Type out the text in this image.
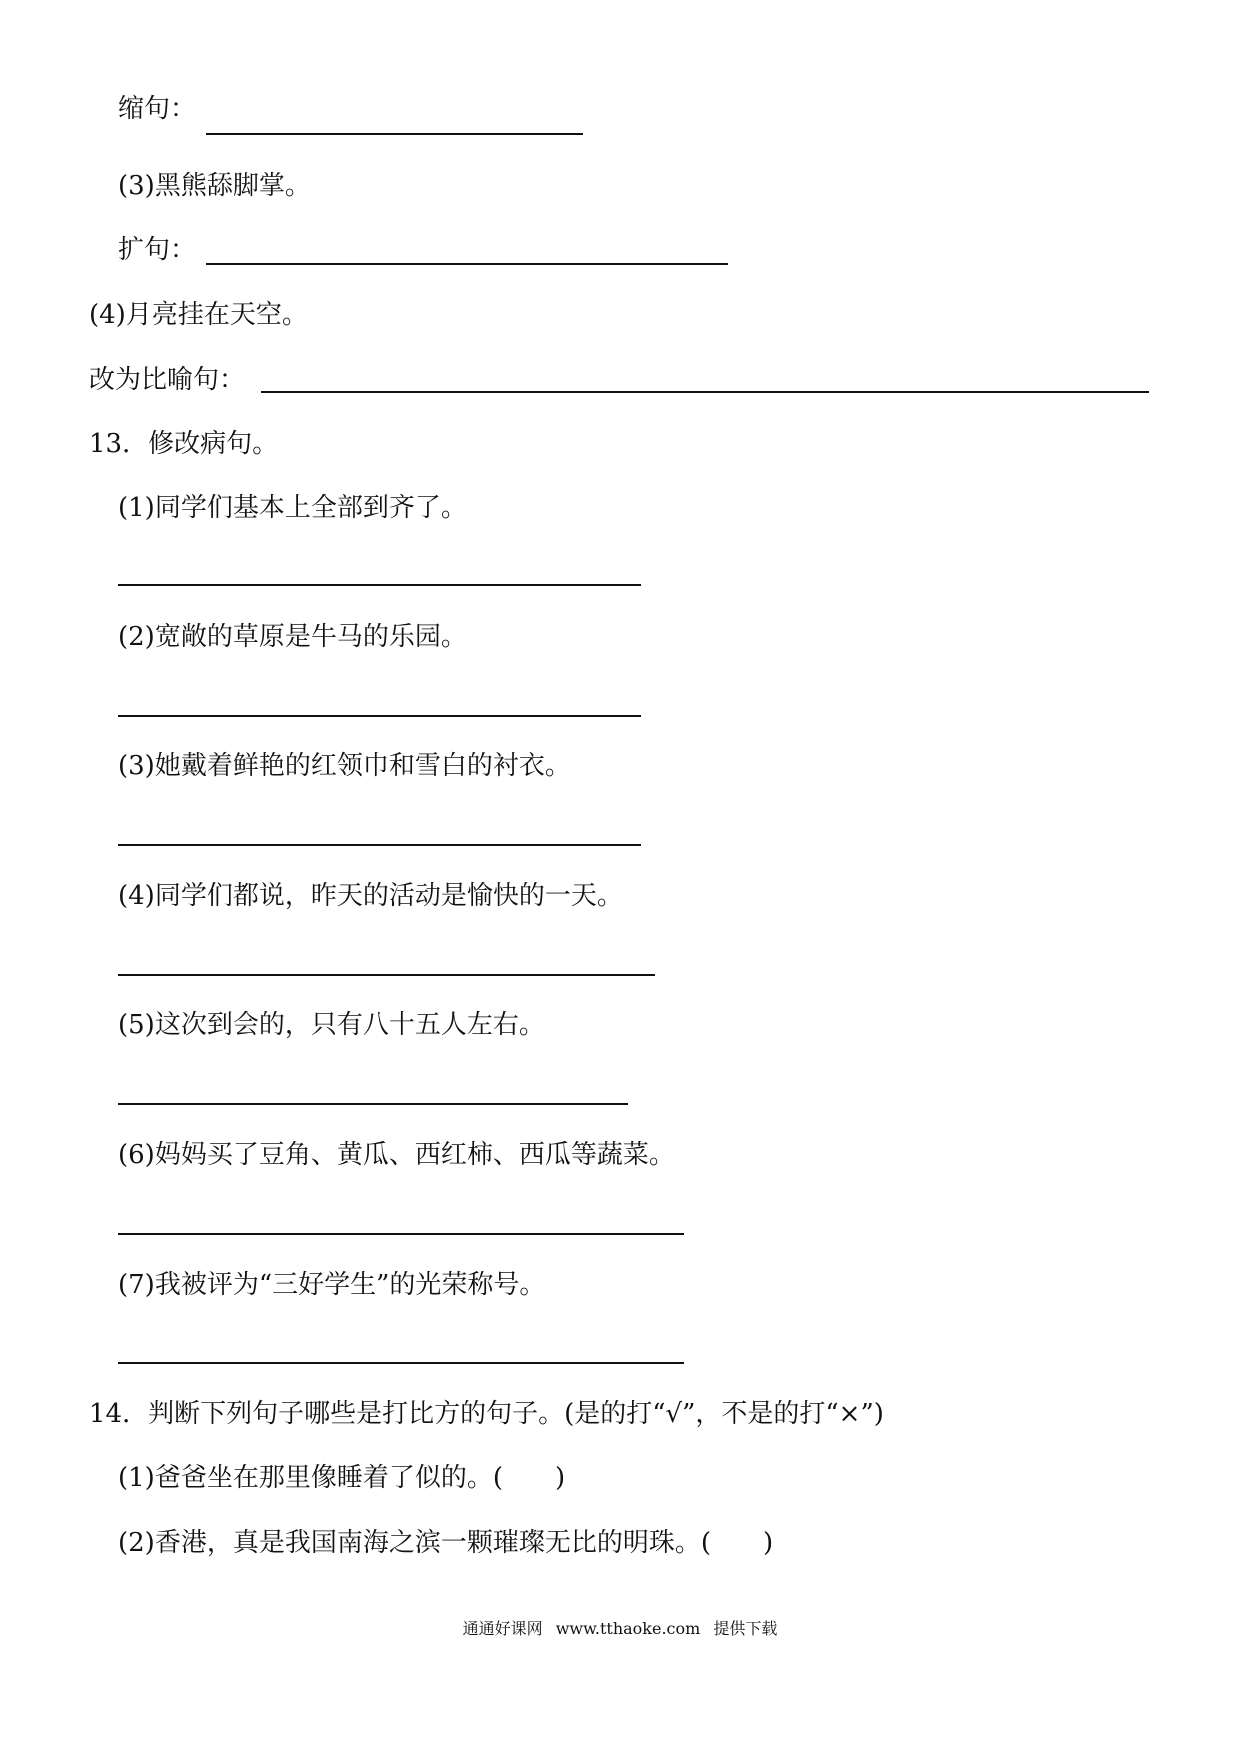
缩句：
(3)黑熊舔脚掌。
扩句：
(4)月亮挂在天空。
改为比喻句：
13．修改病句。
(1)同学们基本上全部到齐了。
(2)宽敞的草原是牛马的乐园。
(3)她戴着鲜艳的红领巾和雪白的衬衣。
(4)同学们都说，昨天的活动是愉快的一天。
(5)这次到会的，只有八十五人左右。
(6)妈妈买了豆角、黄瓜、西红柿、西瓜等蔬菜。
(7)我被评为“三好学生”的光荣称号。
14．判断下列句子哪些是打比方的句子。(是的打“√”，不是的打“×”)
(1)爸爸坐在那里像睡着了似的。(　　)
(2)香港，真是我国南海之滨一颗璀璨无比的明珠。(　　)
通通好课网 www.tthaoke.com 提供下载
